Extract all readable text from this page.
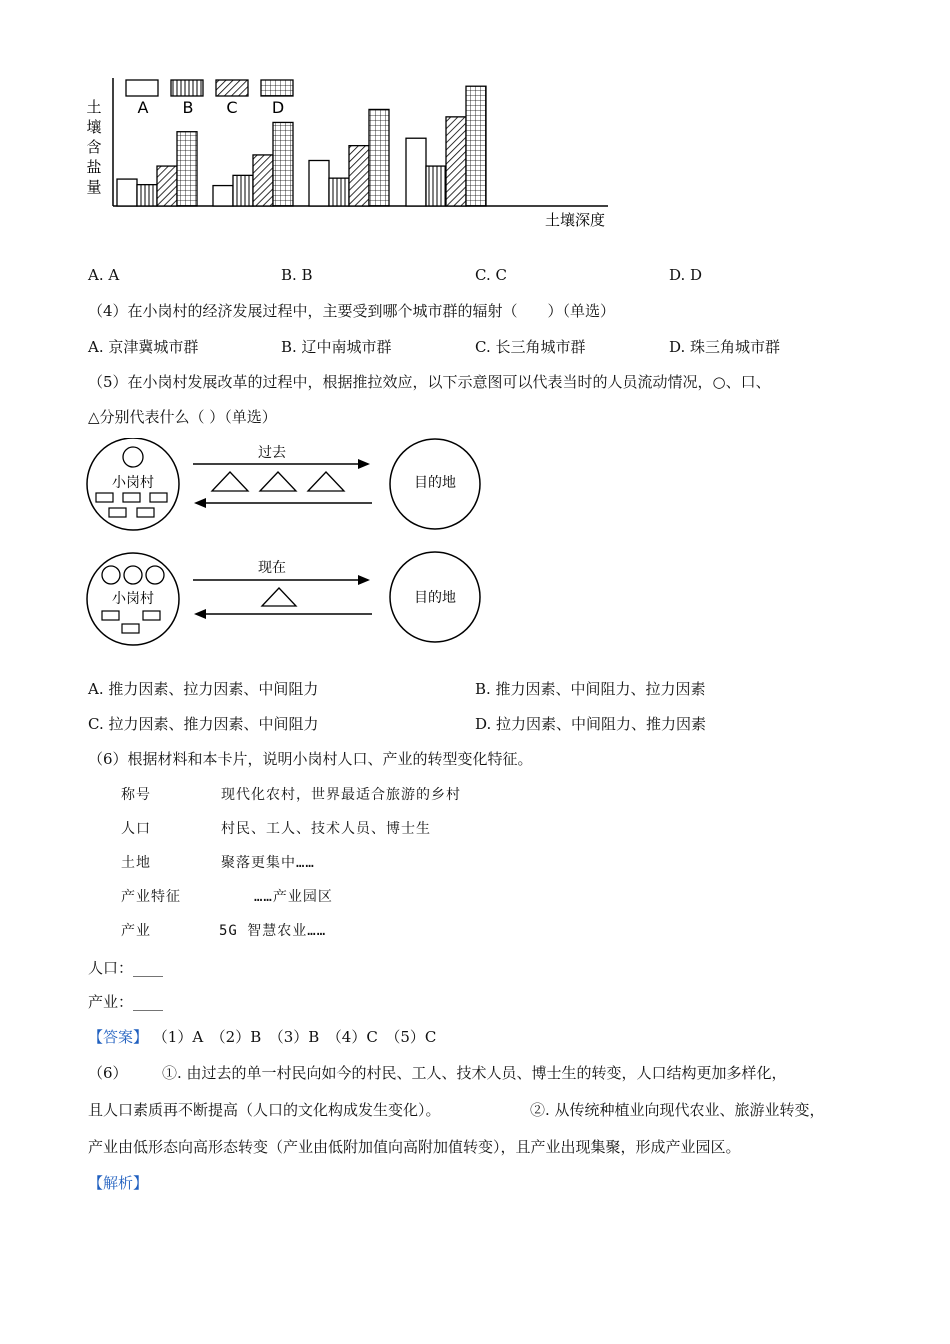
土
壤
含
盐
量
土壤深度
A B C D
A. A	B. B	C. C	D. D
（4）在小岗村的经济发展过程中，主要受到哪个城市群的辐射（　　）（单选）
A. 京津冀城市群	B. 辽中南城市群	C. 长三角城市群	D. 珠三角城市群
（5）在小岗村发展改革的过程中，根据推拉效应，以下示意图可以代表当时的人员流动情况，○、口、
△分别代表什么（ ）（单选）
小岗村
过去
目的地
小岗村
现在
目的地
A. 推力因素、拉力因素、中间阻力	B. 推力因素、中间阻力、拉力因素
C. 拉力因素、推力因素、中间阻力	D. 拉力因素、中间阻力、推力因素
（6）根据材料和本卡片，说明小岗村人口、产业的转型变化特征。
称号	现代化农村，世界最适合旅游的乡村
人口	村民、工人、技术人员、博士生
土地	聚落更集中……
产业特征	……产业园区
产业	5G 智慧农业……
人口：____
产业：____
【答案】 （1）A　（2）B　（3）B　（4）C　（5）C
（6） ①. 由过去的单一村民向如今的村民、工人、技术人员、博士生的转变，人口结构更加多样化，
且人口素质再不断提高（人口的文化构成发生变化）。	②. 从传统种植业向现代农业、旅游业转变，
产业由低形态向高形态转变（产业由低附加值向高附加值转变），且产业出现集聚，形成产业园区。
【解析】
